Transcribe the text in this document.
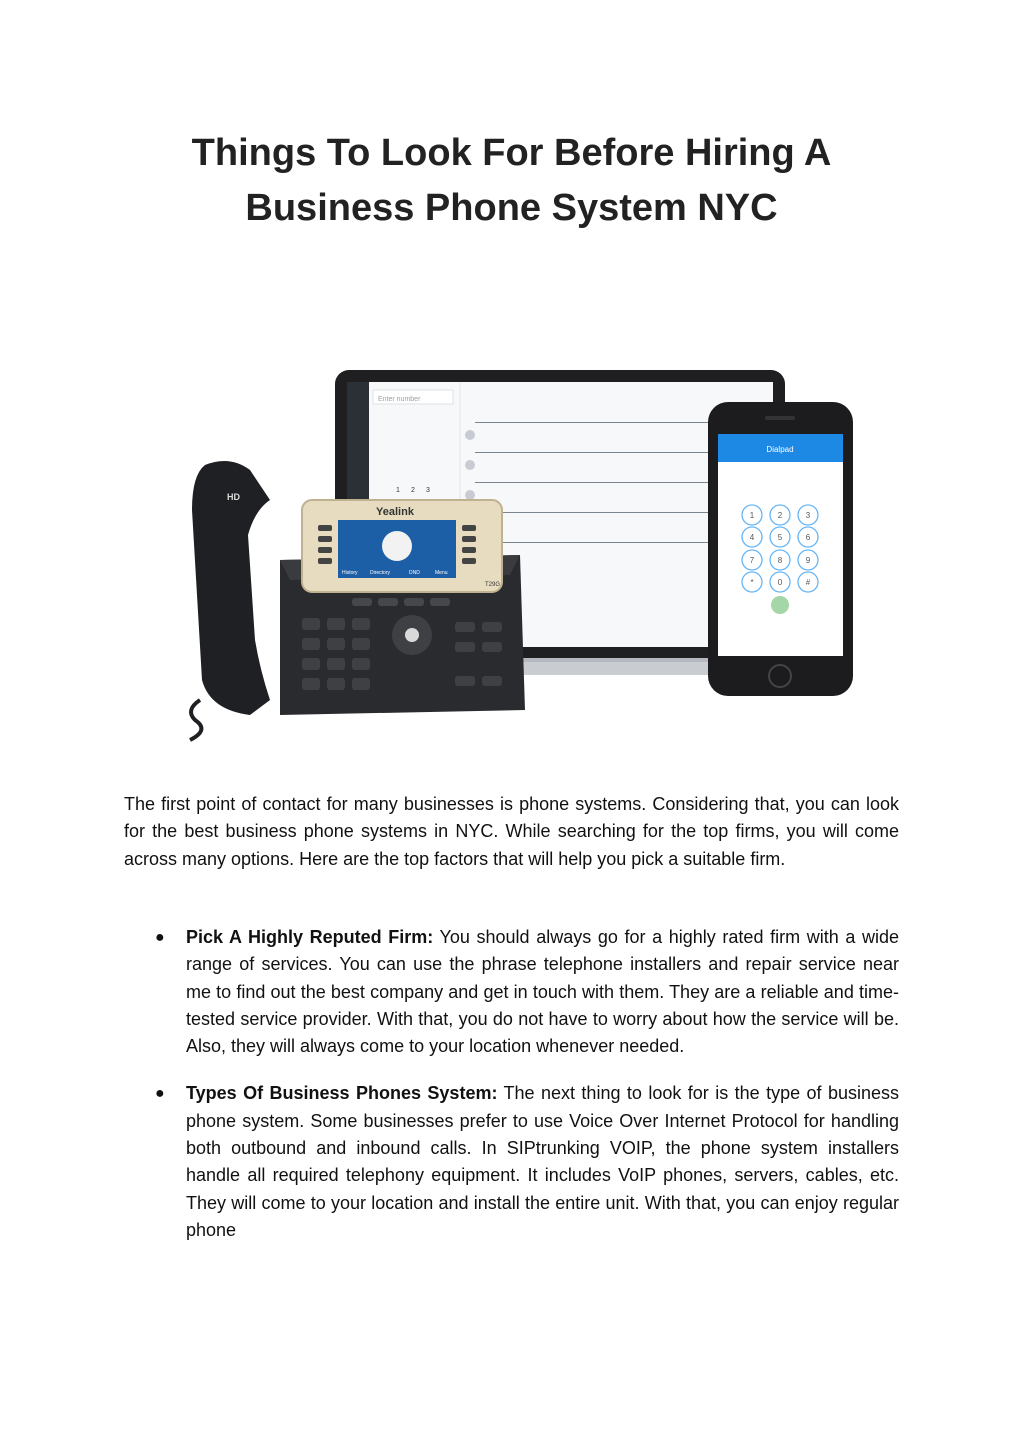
Things To Look For Before Hiring A Business Phone System NYC
Enter number
1 2 3
Dialpad
1	2	3
4	5	6
7	8	9
*	0	#
Yealink
History Directory	DND	Menu
T29G
HD

The first point of contact for many businesses is phone systems. Considering that, you can look for the best business phone systems in NYC. While searching for the top firms, you will come across many options. Here are the top factors that will help you pick a suitable firm.

● Pick A Highly Reputed Firm: You should always go for a highly rated firm with a wide range of services. You can use the phrase telephone installers and repair service near me to find out the best company and get in touch with them. They are a reliable and time-tested service provider. With that, you do not have to worry about how the service will be. Also, they will always come to your location whenever needed.
● Types Of Business Phones System: The next thing to look for is the type of business phone system. Some businesses prefer to use Voice Over Internet Protocol for handling both outbound and inbound calls. In SIPtrunking VOIP, the phone system installers handle all required telephony equipment. It includes VoIP phones, servers, cables, etc. They will come to your location and install the entire unit. With that, you can enjoy regular phone
